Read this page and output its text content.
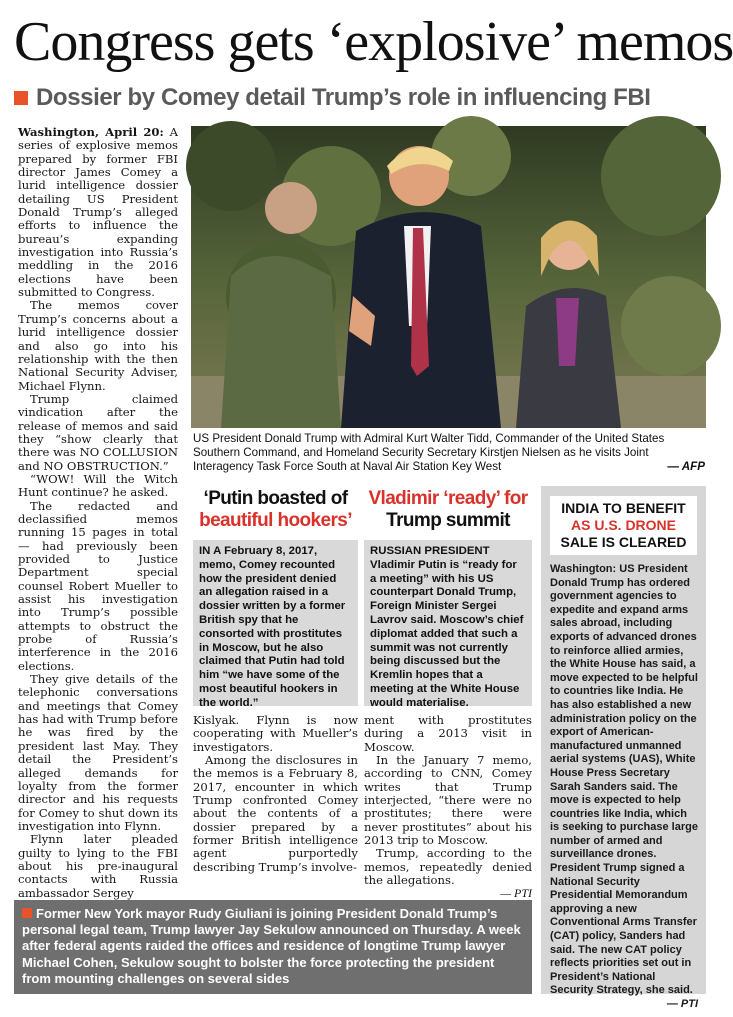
Congress gets ‘explosive’ memos
Dossier by Comey detail Trump’s role in influencing FBI

Washington, April 20: A series of explosive memos prepared by former FBI director James Comey a lurid intelligence dossier detailing US President Donald Trump’s alleged efforts to influence the bureau’s expanding investigation into Russia’s meddling in the 2016 elections have been submitted to Congress.

The memos cover Trump’s concerns about a lurid intelligence dossier and also go into his relationship with the then National Security Adviser, Michael Flynn.

Trump claimed vindication after the release of memos and said they “show clearly that there was NO COLLUSION and NO OBSTRUCTION.”

“WOW! Will the Witch Hunt continue? he asked.

The redacted and declassified memos running 15 pages in total — had previously been provided to Justice Department special counsel Robert Mueller to assist his investigation into Trump’s possible attempts to obstruct the probe of Russia’s interference in the 2016 elections.

They give details of the telephonic conversations and meetings that Comey has had with Trump before he was fired by the president last May. They detail the President’s alleged demands for loyalty from the former director and his requests for Comey to shut down its investigation into Flynn.

Flynn later pleaded guilty to lying to the FBI about his pre-inaugural contacts with Russia ambassador Sergey

US President Donald Trump with Admiral Kurt Walter Tidd, Commander of the United States Southern Command, and Homeland Security Secretary Kirstjen Nielsen as he visits Joint Interagency Task Force South at Naval Air Station Key West	— AFP
‘Putin boasted of
beautiful hookers’
IN A February 8, 2017, memo, Comey recounted how the president denied an allegation raised in a dossier written by a former British spy that he consorted with prostitutes in Moscow, but he also claimed that Putin had told him “we have some of the most beautiful hookers in the world.”
Vladimir ‘ready’ for
Trump summit
RUSSIAN PRESIDENT
Vladimir Putin is “ready for a meeting” with his US counterpart Donald Trump, Foreign Minister Sergei Lavrov said. Moscow’s chief diplomat added that such a summit was not currently being discussed but the Kremlin hopes that a meeting at the White House would materialise.

Kislyak. Flynn is now cooperating with Mueller’s investigators.

Among the disclosures in the memos is a February 8, 2017, encounter in which Trump confronted Comey about the contents of a dossier prepared by a former British intelligence agent purportedly describing Trump’s involve-

ment with prostitutes during a 2013 visit in Moscow.

In the January 7 memo, according to CNN, Comey writes that Trump interjected, “there were no prostitutes; there were never prostitutes” about his 2013 trip to Moscow.

Trump, according to the memos, repeatedly denied the allegations.

— PTI
INDIA TO BENEFIT
AS U.S. DRONE
SALE IS CLEARED
Washington: US President Donald Trump has ordered government agencies to expedite and expand arms sales abroad, including exports of advanced drones to reinforce allied armies, the White House has said, a move expected to be helpful to countries like India. He has also established a new administration policy on the export of American-manufactured unmanned aerial systems (UAS), White House Press Secretary Sarah Sanders said. The move is expected to help countries like India, which is seeking to purchase large number of armed and surveillance drones. President Trump signed a National Security Presidential Memorandum approving a new Conventional Arms Transfer (CAT) policy, Sanders had said. The new CAT policy reflects priorities set out in President’s National Security Strategy, she said.
— PTI
Former New York mayor Rudy Giuliani is joining President Donald Trump’s personal legal team, Trump lawyer Jay Sekulow announced on Thursday. A week after federal agents raided the offices and residence of longtime Trump lawyer Michael Cohen, Sekulow sought to bolster the force protecting the president from mounting challenges on several sides
